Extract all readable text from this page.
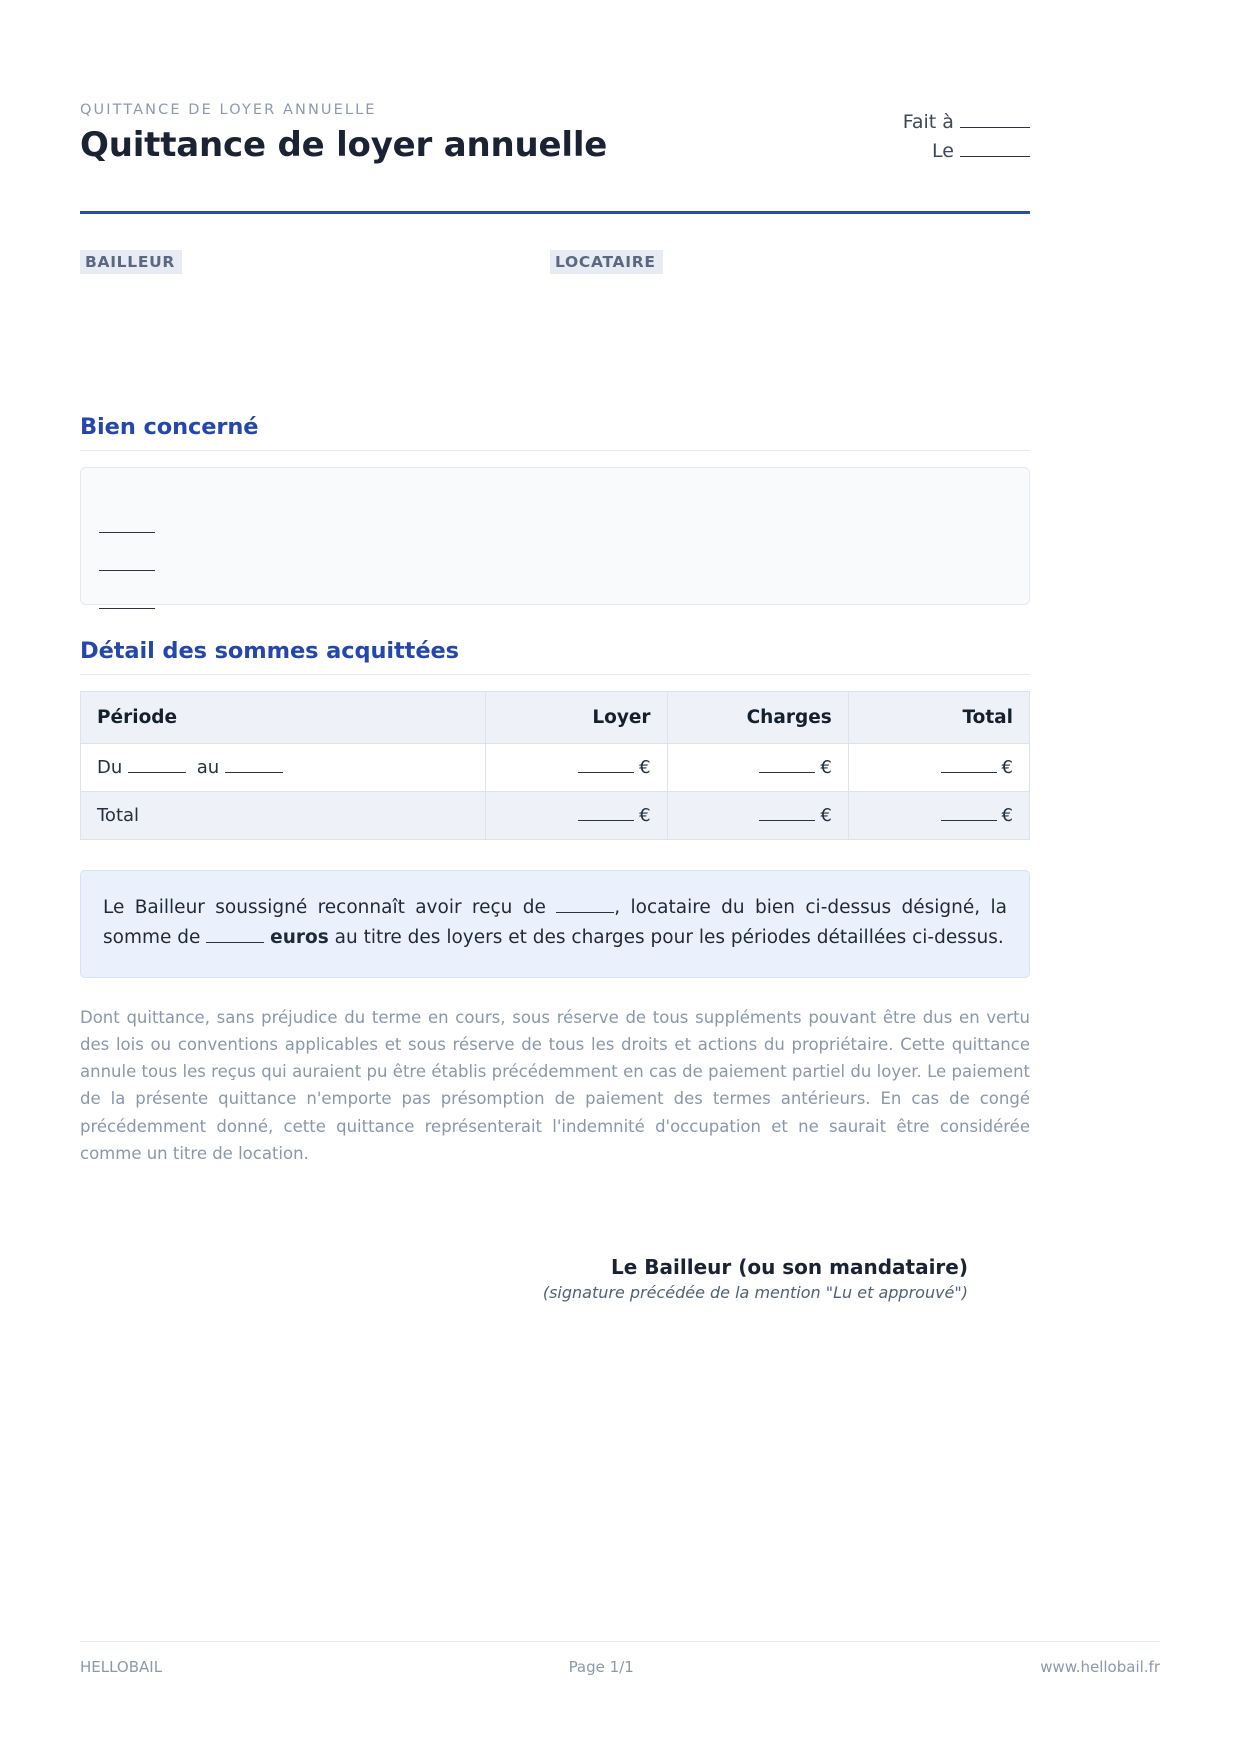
QUITTANCE DE LOYER ANNUELLE
Quittance de loyer annuelle
Fait à
Le
BAILLEUR	LOCATAIRE
Bien concerné
Détail des sommes acquittées
Période	Loyer	Charges	Total
Du au	€	€	€
Total	€	€	€
Le Bailleur soussigné reconnaît avoir reçu de	, locataire du bien ci-dessus désigné, la somme de	euros au titre des loyers et des charges pour les périodes détaillées ci-dessus.

Dont quittance, sans préjudice du terme en cours, sous réserve de tous suppléments pouvant être dus en vertu des lois ou conventions applicables et sous réserve de tous les droits et actions du propriétaire. Cette quittance annule tous les reçus qui auraient pu être établis précédemment en cas de paiement partiel du loyer. Le paiement de la présente quittance n'emporte pas présomption de paiement des termes antérieurs. En cas de congé précédemment donné, cette quittance représenterait l'indemnité d'occupation et ne saurait être considérée comme un titre de location.

Le Bailleur (ou son mandataire)
(signature précédée de la mention "Lu et approuvé")
HELLOBAIL	Page 1/1	www.hellobail.fr
